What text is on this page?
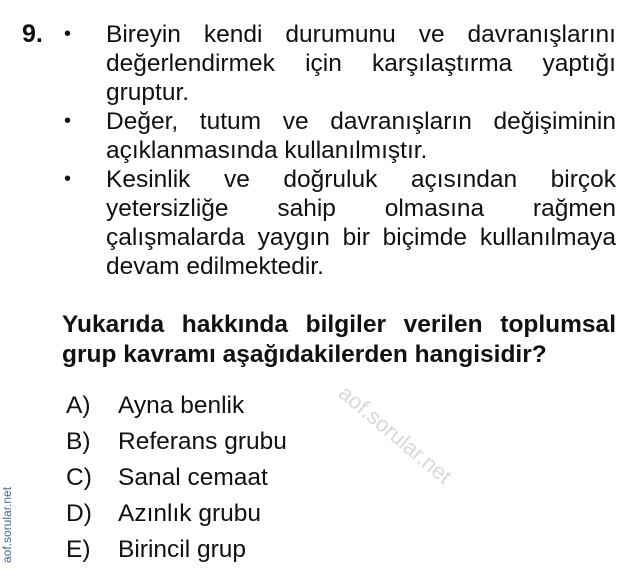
9. • Bireyin kendi durumunu ve davranışlarını değerlendirmek için karşılaştırma yaptığı gruptur.
• Değer, tutum ve davranışların değişiminin açıklanmasında kullanılmıştır.
• Kesinlik ve doğruluk açısından birçok yetersizliğe sahip olmasına rağmen çalışmalarda yaygın bir biçimde kullanılmaya devam edilmektedir.

Yukarıda hakkında bilgiler verilen toplumsal grup kavramı aşağıdakilerden hangisidir?

A)	Ayna benlik
B)	Referans grubu
C)	Sanal cemaat
D)	Azınlık grubu
E)	Birincil grup
aof.sorular.net
aof.sorular.net
